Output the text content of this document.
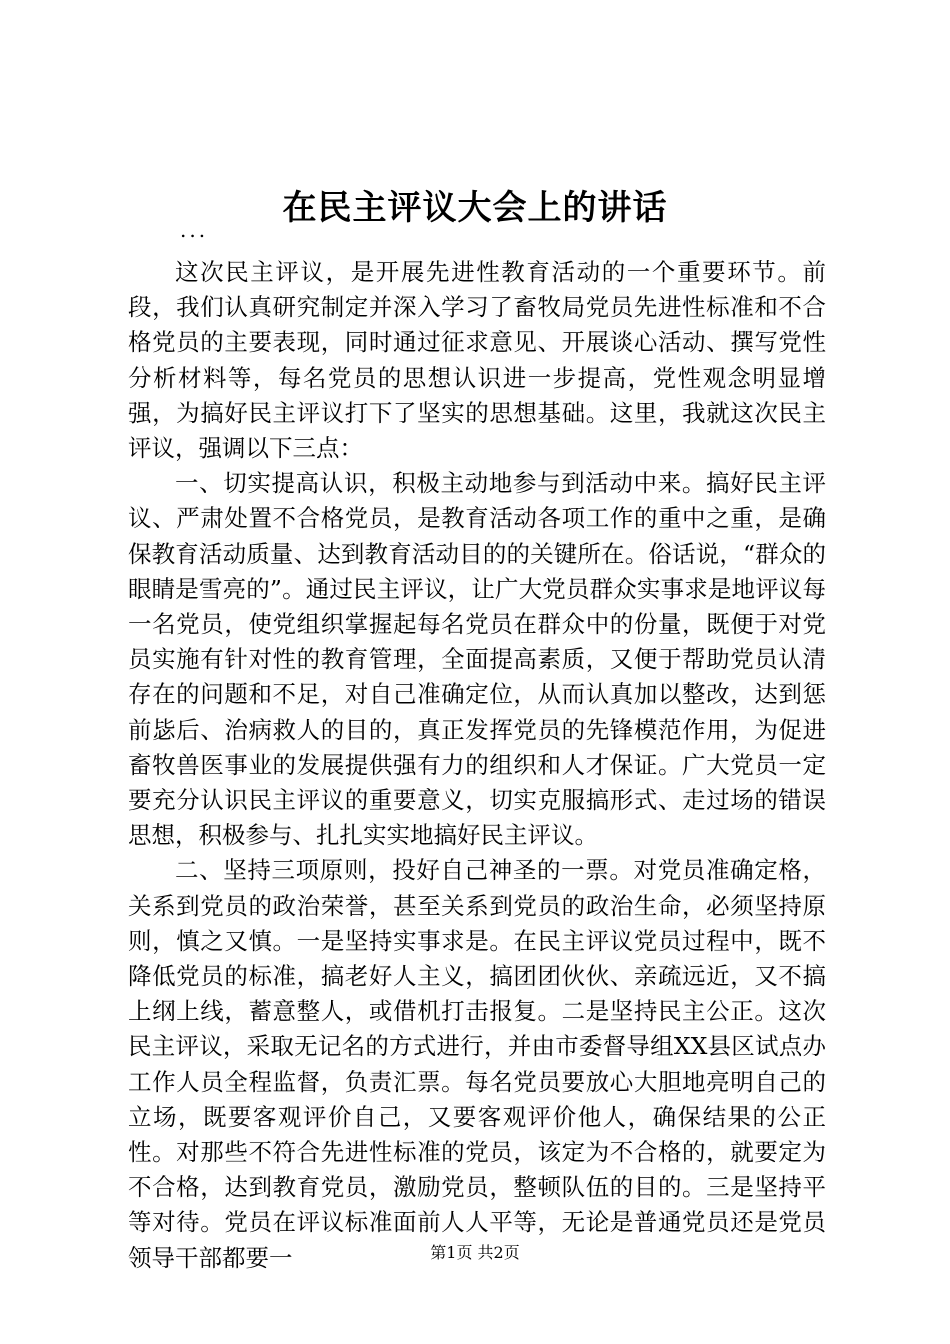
在民主评议大会上的讲话
...

这次民主评议，是开展先进性教育活动的一个重要环节。前段，我们认真研究制定并深入学习了畜牧局党员先进性标准和不合格党员的主要表现，同时通过征求意见、开展谈心活动、撰写党性分析材料等，每名党员的思想认识进一步提高，党性观念明显增强，为搞好民主评议打下了坚实的思想基础。这里，我就这次民主评议，强调以下三点：

一、切实提高认识，积极主动地参与到活动中来。搞好民主评议、严肃处置不合格党员，是教育活动各项工作的重中之重，是确保教育活动质量、达到教育活动目的的关键所在。俗话说，“群众的眼睛是雪亮的”。通过民主评议，让广大党员群众实事求是地评议每一名党员，使党组织掌握起每名党员在群众中的份量，既便于对党员实施有针对性的教育管理，全面提高素质，又便于帮助党员认清存在的问题和不足，对自己准确定位，从而认真加以整改，达到惩前毖后、治病救人的目的，真正发挥党员的先锋模范作用，为促进畜牧兽医事业的发展提供强有力的组织和人才保证。广大党员一定要充分认识民主评议的重要意义，切实克服搞形式、走过场的错误思想，积极参与、扎扎实实地搞好民主评议。

二、坚持三项原则，投好自己神圣的一票。对党员准确定格，关系到党员的政治荣誉，甚至关系到党员的政治生命，必须坚持原则，慎之又慎。一是坚持实事求是。在民主评议党员过程中，既不降低党员的标准，搞老好人主义，搞团团伙伙、亲疏远近，又不搞上纲上线，蓄意整人，或借机打击报复。二是坚持民主公正。这次民主评议，采取无记名的方式进行，并由市委督导组XX县区试点办工作人员全程监督，负责汇票。每名党员要放心大胆地亮明自己的立场，既要客观评价自己，又要客观评价他人，确保结果的公正性。对那些不符合先进性标准的党员，该定为不合格的，就要定为不合格，达到教育党员，激励党员，整顿队伍的目的。三是坚持平等对待。党员在评议标准面前人人平等，无论是普通党员还是党员领导干部都要一	第1页 共2页
